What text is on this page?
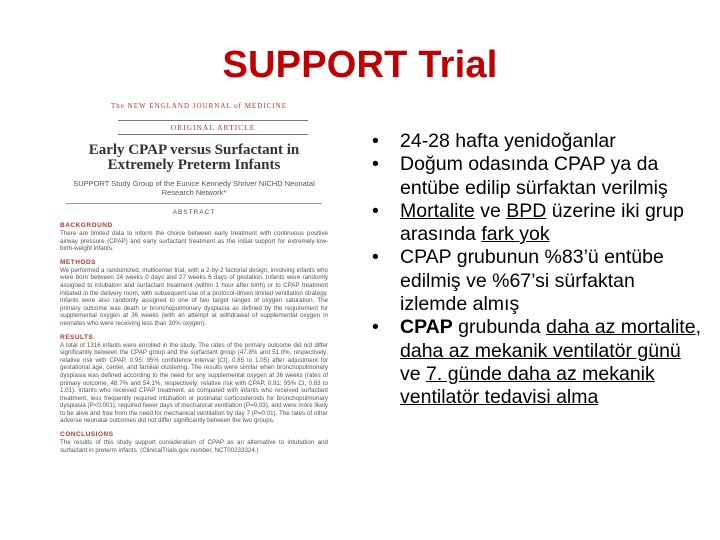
SUPPORT Trial
The NEW ENGLAND JOURNAL of MEDICINE
ORIGINAL ARTICLE
Early CPAP versus Surfactant in Extremely Preterm Infants
SUPPORT Study Group of the Eunice Kennedy Shriver NICHD Neonatal Research Network*
ABSTRACT
BACKGROUND
There are limited data to inform the choice between early treatment with continuous positive airway pressure (CPAP) and early surfactant treatment as the initial support for extremely-low-birth-weight infants.
METHODS
We performed a randomized, multicenter trial, with a 2-by-2 factorial design, involving infants who were born between 24 weeks 0 days and 27 weeks 6 days of gestation. Infants were randomly assigned to intubation and surfactant treatment (within 1 hour after birth) or to CPAP treatment initiated in the delivery room, with subsequent use of a protocol-driven limited ventilation strategy. Infants were also randomly assigned to one of two target ranges of oxygen saturation. The primary outcome was death or bronchopulmonary dysplasia as defined by the requirement for supplemental oxygen at 36 weeks (with an attempt at withdrawal of supplemental oxygen in neonates who were receiving less than 30% oxygen).
RESULTS
A total of 1316 infants were enrolled in the study. The rates of the primary outcome did not differ significantly between the CPAP group and the surfactant group (47.8% and 51.0%, respectively; relative risk with CPAP, 0.95; 95% confidence interval [CI], 0.85 to 1.05) after adjustment for gestational age, center, and familial clustering. The results were similar when bronchopulmonary dysplasia was defined according to the need for any supplemental oxygen at 36 weeks (rates of primary outcome, 48.7% and 54.1%, respectively; relative risk with CPAP, 0.91; 95% CI, 0.83 to 1.01). Infants who received CPAP treatment, as compared with infants who received surfactant treatment, less frequently required intubation or postnatal corticosteroids for bronchopulmonary dysplasia (P<0.001), required fewer days of mechanical ventilation (P=0.03), and were more likely to be alive and free from the need for mechanical ventilation by day 7 (P=0.01). The rates of other adverse neonatal outcomes did not differ significantly between the two groups.
CONCLUSIONS
The results of this study support consideration of CPAP as an alternative to intubation and surfactant in preterm infants. (ClinicalTrials.gov number, NCT00233324.)
• 24-28 hafta yenidoğanlar
• Doğum odasında CPAP ya da entübe edilip sürfaktan verilmiş
• Mortalite ve BPD üzerine iki grup arasında fark yok
• CPAP grubunun %83’ü entübe edilmiş ve %67’si sürfaktan izlemde almış
• CPAP grubunda daha az mortalite, daha az mekanik ventilatör günü ve 7. günde daha az mekanik ventilatör tedavisi alma
